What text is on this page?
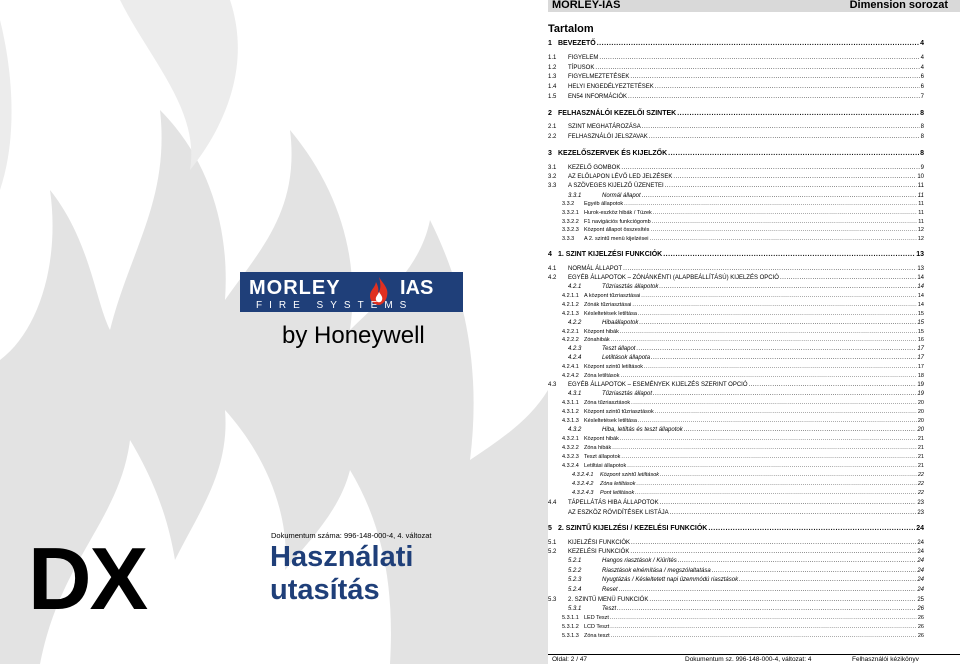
MORLEY-IAS	Dimension sorozat
Tartalom
1 BEVEZETŐ .....	4
1.1	FIGYELEM .....	4
1.2	TÍPUSOK .....	4
1.3	FIGYELMEZTETÉSEK .....	6
1.4	HELYI ENGEDÉLYEZTETÉSEK .....	6
1.5	EN54 INFORMÁCIÓK .....	7
2 FELHASZNÁLÓI KEZELŐI SZINTEK .....	8
2.1	SZINT MEGHATÁROZÁSA .....	8
2.2	FELHASZNÁLÓI JELSZAVAK .....	8
3 KEZELŐSZERVEK ÉS KIJELZŐK .....	8
3.1	KEZELŐ GOMBOK .....	9
3.2	AZ ELŐLAPON LÉVŐ LED JELZÉSEK .....	10
3.3	A SZÖVEGES KIJELZŐ ÜZENETEI .....	11
3.3.1	Normál állapot .....	11
3.3.2	Egyéb állapotok .....	11
3.3.2.1 Hurok-eszköz hibák / Tüzek .....	11
3.3.2.2 F1 navigációs funkciógomb .....	11
3.3.2.3 Központ állapot összesítés .....	12
3.3.3	A 2. szintű menü kijelzései .....	12
4 1. SZINT KIJELZÉSI FUNKCIÓK .....	13
4.1	NORMÁL ÁLLAPOT .....	13
4.2	EGYÉB ÁLLAPOTOK – ZÓNÁNKÉNTI (ALAPBEÁLLÍTÁSÚ) KIJELZÉS OPCIÓ .....	14
4.2.1	Tűzriasztás állapotok .....	14
4.2.1.1 A központ tűzriasztásai .....	14
4.2.1.2 Zónák tűzriasztásai .....	14
4.2.1.3 Késleltetések letiltása .....	15
4.2.2	Hibaállapotok .....	15
4.2.2.1 Központ hibák .....	15
4.2.2.2 Zónahibák .....	16
4.2.3	Teszt állapot .....	17
4.2.4	Letiltások állapota .....	17
4.2.4.1 Központ szintű letiltások .....	17
4.2.4.2 Zóna letiltások .....	18
4.3	EGYÉB ÁLLAPOTOK – ESEMÉNYEK KIJELZÉS SZERINT OPCIÓ .....	19
4.3.1	Tűzriasztás állapot .....	19
4.3.1.1 Zóna tűzriasztások .....	20
4.3.1.2 Központ szintű tűzriasztások .....	20
4.3.1.3 Késleltetések letiltása .....	20
4.3.2	Hiba, letiltás és teszt állapotok .....	20
4.3.2.1 Központ hibák .....	21
4.3.2.2 Zóna hibák .....	21
4.3.2.3 Teszt állapotok .....	21
4.3.2.4 Letiltási állapotok .....	21
4.3.2.4.1	Központ szintű letiltások .....	22
4.3.2.4.2	Zóna letiltások .....	22
4.3.2.4.3	Pont letiltások .....	22
4.4	TÁPELLÁTÁS HIBA ÁLLAPOTOK .....	23
AZ ESZKÖZ RÖVIDÍTÉSEK LISTÁJA .....	23
5 2. SZINTŰ KIJELZÉSI / KEZELÉSI FUNKCIÓK .....	24
5.1	KIJELZÉSI FUNKCIÓK .....	24
5.2	KEZELÉSI FUNKCIÓK .....	24
5.2.1	Hangos riasztások / Kiürítés .....	24
5.2.2	Riasztások elnémítása / megszólaltatása .....	24
5.2.3	Nyugtázás / Késleltetett napi üzemmódú riasztások .....	24
5.2.4	Reset .....	24
5.3	2. SZINTŰ MENÜ FUNKCIÓK .....	25
5.3.1	Teszt .....	26
5.3.1.1 LED Teszt .....	26
5.3.1.2 LCD Teszt .....	26
5.3.1.3 Zóna teszt .....	26
MORLEY	IAS
FIRE SYSTEMS
by Honeywell
DX	Dokumentum száma: 996-148-000-4, 4. változat
Használati
utasítás
Oldal: 2 / 47	Dokumentum sz. 996-148-000-4, változat: 4	Felhasználói kézikönyv
